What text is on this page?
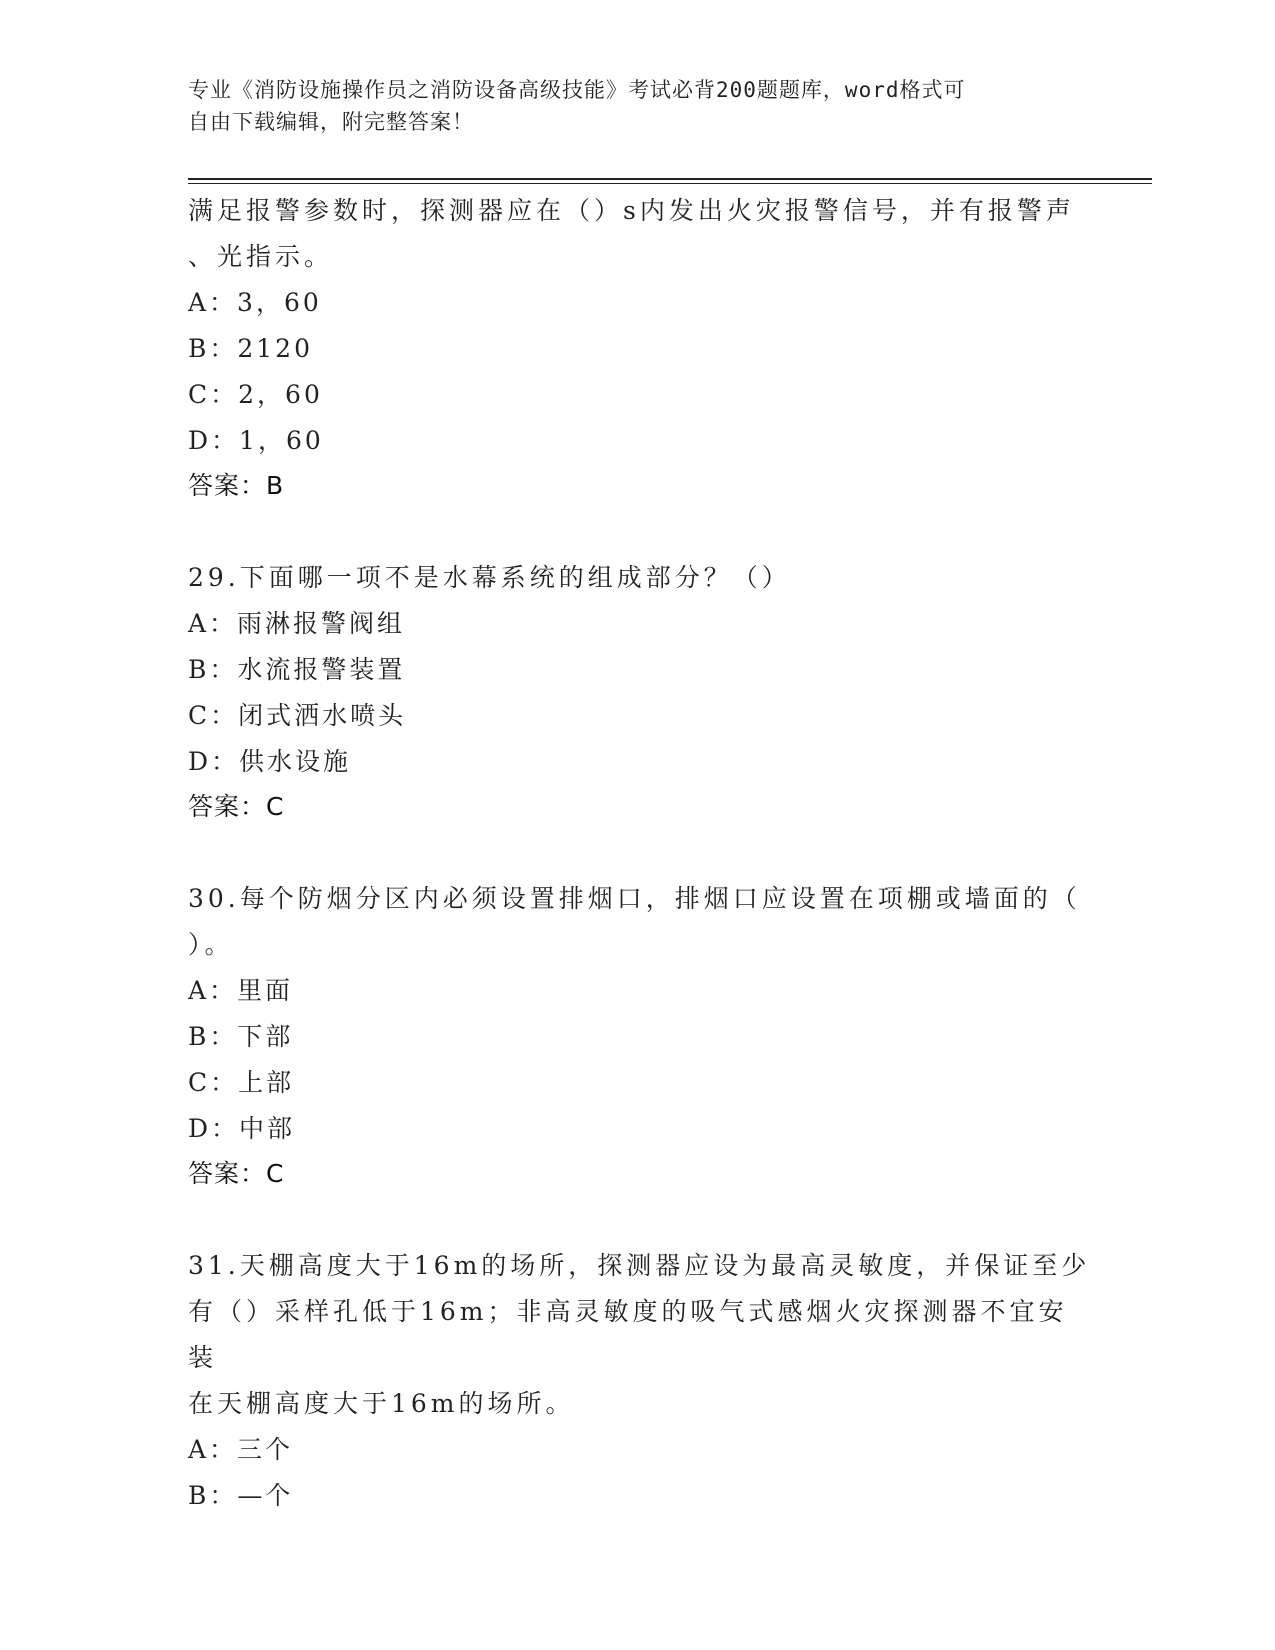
专业《消防设施操作员之消防设备高级技能》考试必背200题题库，word格式可
自由下载编辑，附完整答案！
满足报警参数时，探测器应在（）s内发出火灾报警信号，并有报警声
、光指示。
A：3，60
B：2120
C：2，60
D：1，60
答案：B
29.下面哪一项不是水幕系统的组成部分？（）
A：雨淋报警阀组
B：水流报警装置
C：闭式洒水喷头
D：供水设施
答案：C
30.每个防烟分区内必须设置排烟口，排烟口应设置在项棚或墙面的（
）。
A：里面
B：下部
C：上部
D：中部
答案：C
31.天棚高度大于16m的场所，探测器应设为最高灵敏度，并保证至少
有（）采样孔低于16m；非高灵敏度的吸气式感烟火灾探测器不宜安装
在天棚高度大于16m的场所。
A：三个
B：—个
